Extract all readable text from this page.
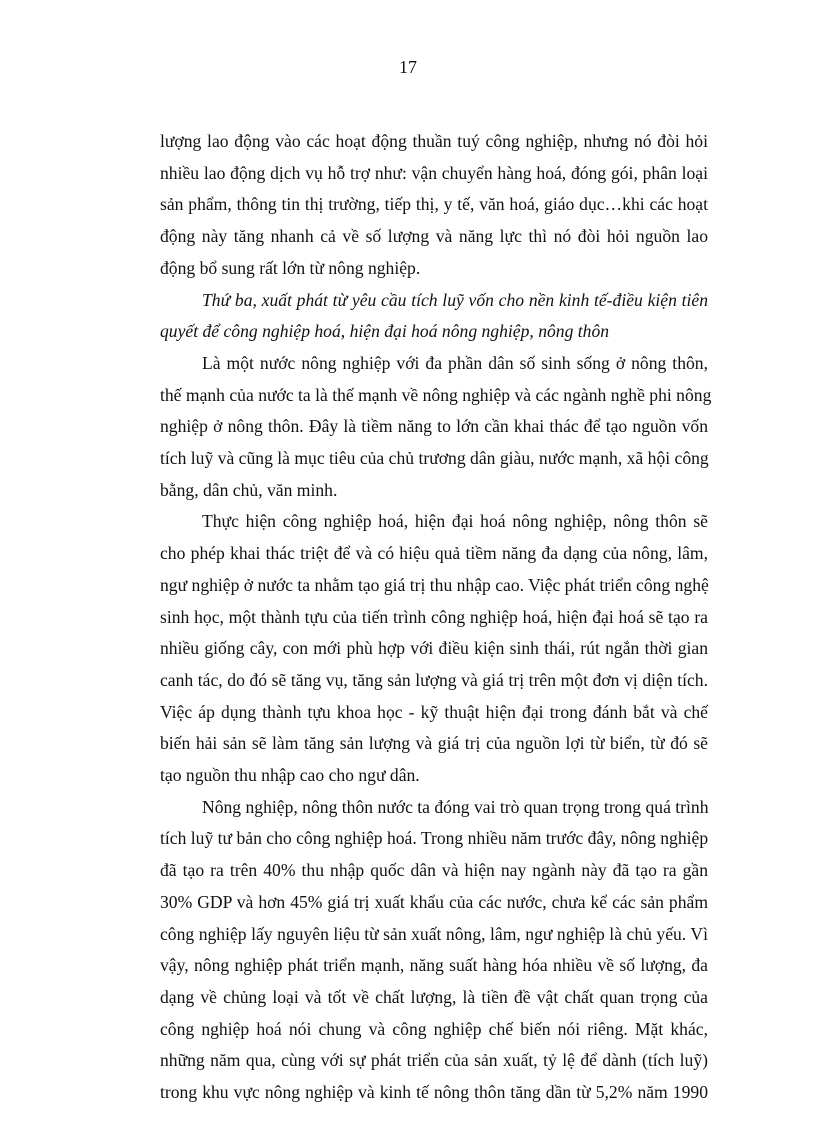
17
lượng lao động vào các hoạt động thuần tuý công nghiệp, nhưng nó đòi hỏi
nhiều lao động dịch vụ hỗ trợ như: vận chuyển hàng hoá, đóng gói, phân loại
sản phẩm, thông tin thị trường, tiếp thị, y tế, văn hoá, giáo dục…khi các hoạt
động này tăng nhanh cả về số lượng và năng lực thì nó đòi hỏi nguồn lao
động bổ sung rất lớn từ nông nghiệp.
Thứ ba, xuất phát từ yêu cầu tích luỹ vốn cho nền kinh tế-điều kiện tiên
quyết để công nghiệp hoá, hiện đại hoá nông nghiệp, nông thôn
Là một nước nông nghiệp với đa phần dân số sinh sống ở nông thôn,
thế mạnh của nước ta là thế mạnh về nông nghiệp và các ngành nghề phi nông
nghiệp ở nông thôn. Đây là tiềm năng to lớn cần khai thác để tạo nguồn vốn
tích luỹ và cũng là mục tiêu của chủ trương dân giàu, nước mạnh, xã hội công
bằng, dân chủ, văn minh.
Thực hiện công nghiệp hoá, hiện đại hoá nông nghiệp, nông thôn sẽ
cho phép khai thác triệt để và có hiệu quả tiềm năng đa dạng của nông, lâm,
ngư nghiệp ở nước ta nhằm tạo giá trị thu nhập cao. Việc phát triển công nghệ
sinh học, một thành tựu của tiến trình công nghiệp hoá, hiện đại hoá sẽ tạo ra
nhiều giống cây, con mới phù hợp với điều kiện sinh thái, rút ngắn thời gian
canh tác, do đó sẽ tăng vụ, tăng sản lượng và giá trị trên một đơn vị diện tích.
Việc áp dụng thành tựu khoa học - kỹ thuật hiện đại trong đánh bắt và chế
biến hải sản sẽ làm tăng sản lượng và giá trị của nguồn lợi từ biển, từ đó sẽ
tạo nguồn thu nhập cao cho ngư dân.
Nông nghiệp, nông thôn nước ta đóng vai trò quan trọng trong quá trình
tích luỹ tư bản cho công nghiệp hoá. Trong nhiều năm trước đây, nông nghiệp
đã tạo ra trên 40% thu nhập quốc dân và hiện nay ngành này đã tạo ra gần
30% GDP và hơn 45% giá trị xuất khẩu của các nước, chưa kể các sản phẩm
công nghiệp lấy nguyên liệu từ sản xuất nông, lâm, ngư nghiệp là chủ yếu. Vì
vậy, nông nghiệp phát triển mạnh, năng suất hàng hóa nhiều về số lượng, đa
dạng về chủng loại và tốt về chất lượng, là tiền đề vật chất quan trọng của
công nghiệp hoá nói chung và công nghiệp chế biến nói riêng. Mặt khác,
những năm qua, cùng với sự phát triển của sản xuất, tỷ lệ để dành (tích luỹ)
trong khu vực nông nghiệp và kinh tế nông thôn tăng dần từ 5,2% năm 1990
